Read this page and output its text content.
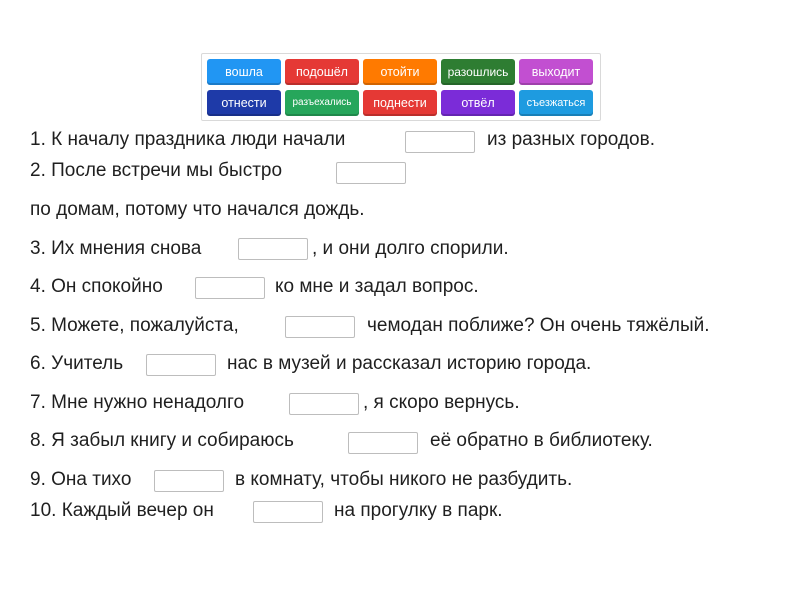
вошла	подошёл	отойти	разошлись	выходит
отнести	разъехались	поднести	отвёл	съезжаться
1. К началу праздника люди начали	из разных городов.
2. После встречи мы быстро
по домам, потому что начался дождь.
3. Их мнения снова	, и они долго спорили.
4. Он спокойно	ко мне и задал вопрос.
5. Можете, пожалуйста,	чемодан поближе? Он очень тяжёлый.
6. Учитель	нас в музей и рассказал историю города.
7. Мне нужно ненадолго	, я скоро вернусь.
8. Я забыл книгу и собираюсь	её обратно в библиотеку.
9. Она тихо	в комнату, чтобы никого не разбудить.
10. Каждый вечер он	на прогулку в парк.
